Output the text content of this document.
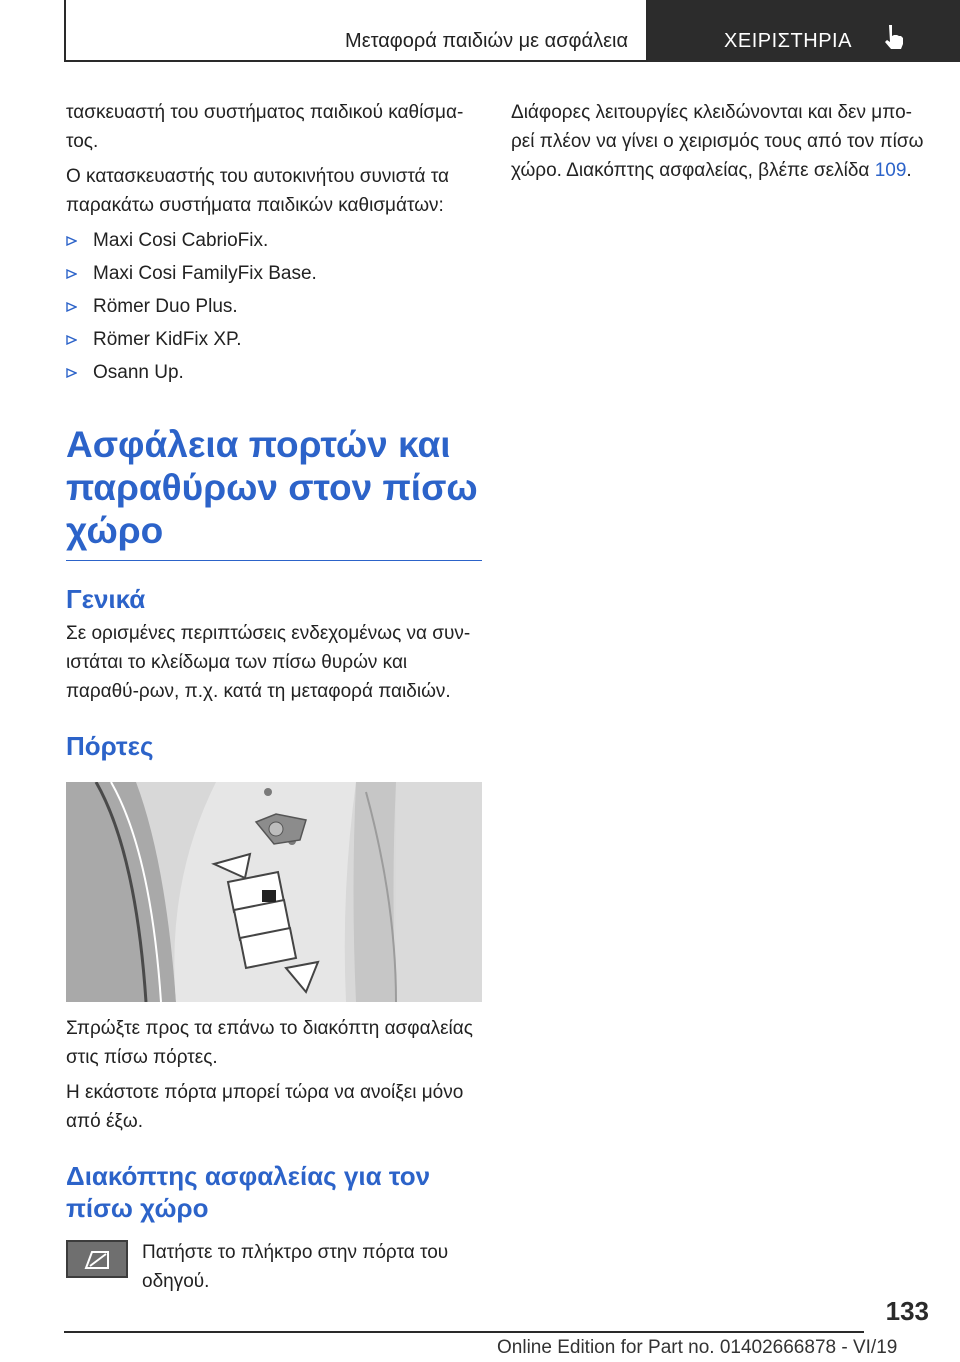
Μεταφορά παιδιών με ασφάλεια	ΧΕΙΡΙΣΤΗΡΙΑ

τασκευαστή του συστήματος παιδικού καθίσμα-τος.

Ο κατασκευαστής του αυτοκινήτου συνιστά τα παρακάτω συστήματα παιδικών καθισμάτων:

Maxi Cosi CabrioFix.
Maxi Cosi FamilyFix Base.
Römer Duo Plus.
Römer KidFix XP.
Osann Up.
Ασφάλεια πορτών και παραθύρων στον πίσω χώρο
Γενικά

Σε ορισμένες περιπτώσεις ενδεχομένως να συν-ιστάται το κλείδωμα των πίσω θυρών και παραθύ-ρων, π.χ. κατά τη μεταφορά παιδιών.

Πόρτες

Σπρώξτε προς τα επάνω το διακόπτη ασφαλείας στις πίσω πόρτες.

Η εκάστοτε πόρτα μπορεί τώρα να ανοίξει μόνο από έξω.

Διακόπτης ασφαλείας για τον πίσω χώρο
Πατήστε το πλήκτρο στην πόρτα του οδηγού.

Διάφορες λειτουργίες κλειδώνονται και δεν μπο-ρεί πλέον να γίνει ο χειρισμός τους από τον πίσω χώρο. Διακόπτης ασφαλείας, βλέπε σελίδα 109.

133
Online Edition for Part no. 01402666878 - VI/19
